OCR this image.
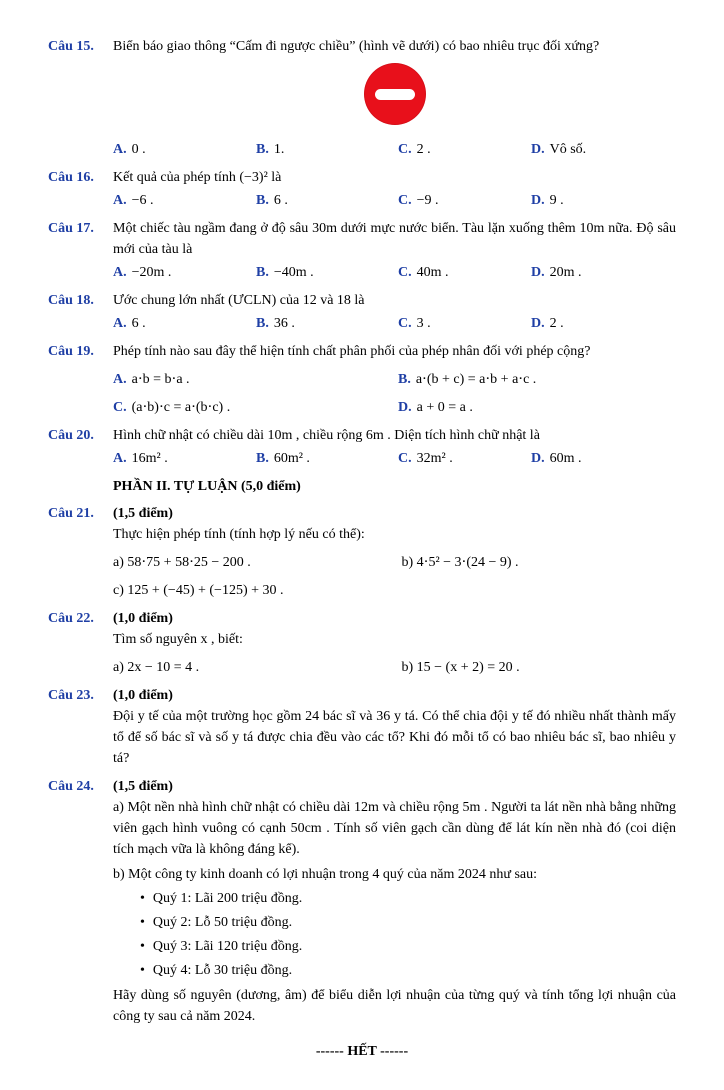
Câu 15.	Biển báo giao thông “Cấm đi ngược chiều” (hình vẽ dưới) có bao nhiêu trục đối xứng?
A. 0 .	B. 1.	C. 2 .	D. Vô số.
Câu 16.	Kết quả của phép tính (−3)² là
A. −6 .	B. 6 .	C. −9 .	D. 9 .
Câu 17.	Một chiếc tàu ngầm đang ở độ sâu 30m dưới mực nước biển. Tàu lặn xuống thêm 10m nữa. Độ sâu mới của tàu là
A. −20m .	B. −40m .	C. 40m .	D. 20m .
Câu 18.	Ước chung lớn nhất (ƯCLN) của 12 và 18 là
A. 6 .	B. 36 .	C. 3 .	D. 2 .
Câu 19.	Phép tính nào sau đây thể hiện tính chất phân phối của phép nhân đối với phép cộng?
A. a⋅b = b⋅a .	B. a⋅(b + c) = a⋅b + a⋅c .
C. (a⋅b)⋅c = a⋅(b⋅c) .	D. a + 0 = a .
Câu 20.	Hình chữ nhật có chiều dài 10m , chiều rộng 6m . Diện tích hình chữ nhật là
A. 16m² .	B. 60m² .	C. 32m² .	D. 60m .
PHẦN II. TỰ LUẬN (5,0 điểm)
Câu 21.	(1,5 điểm)
Thực hiện phép tính (tính hợp lý nếu có thể):
a) 58⋅75 + 58⋅25 − 200 .	b) 4⋅5² − 3⋅(24 − 9) .
c) 125 + (−45) + (−125) + 30 .
Câu 22.	(1,0 điểm)
Tìm số nguyên x , biết:
a) 2x − 10 = 4 .	b) 15 − (x + 2) = 20 .
Câu 23.	(1,0 điểm)
Đội y tế của một trường học gồm 24 bác sĩ và 36 y tá. Có thể chia đội y tế đó nhiều nhất thành mấy tổ để số bác sĩ và số y tá được chia đều vào các tổ? Khi đó mỗi tổ có bao nhiêu bác sĩ, bao nhiêu y tá?
Câu 24.	(1,5 điểm)
a) Một nền nhà hình chữ nhật có chiều dài 12m và chiều rộng 5m . Người ta lát nền nhà bằng những viên gạch hình vuông có cạnh 50cm . Tính số viên gạch cần dùng để lát kín nền nhà đó (coi diện tích mạch vữa là không đáng kể).
b) Một công ty kinh doanh có lợi nhuận trong 4 quý của năm 2024 như sau:
• Quý 1: Lãi 200 triệu đồng.
• Quý 2: Lỗ 50 triệu đồng.
• Quý 3: Lãi 120 triệu đồng.
• Quý 4: Lỗ 30 triệu đồng.
Hãy dùng số nguyên (dương, âm) để biểu diễn lợi nhuận của từng quý và tính tổng lợi nhuận của công ty sau cả năm 2024.
------ HẾT ------
